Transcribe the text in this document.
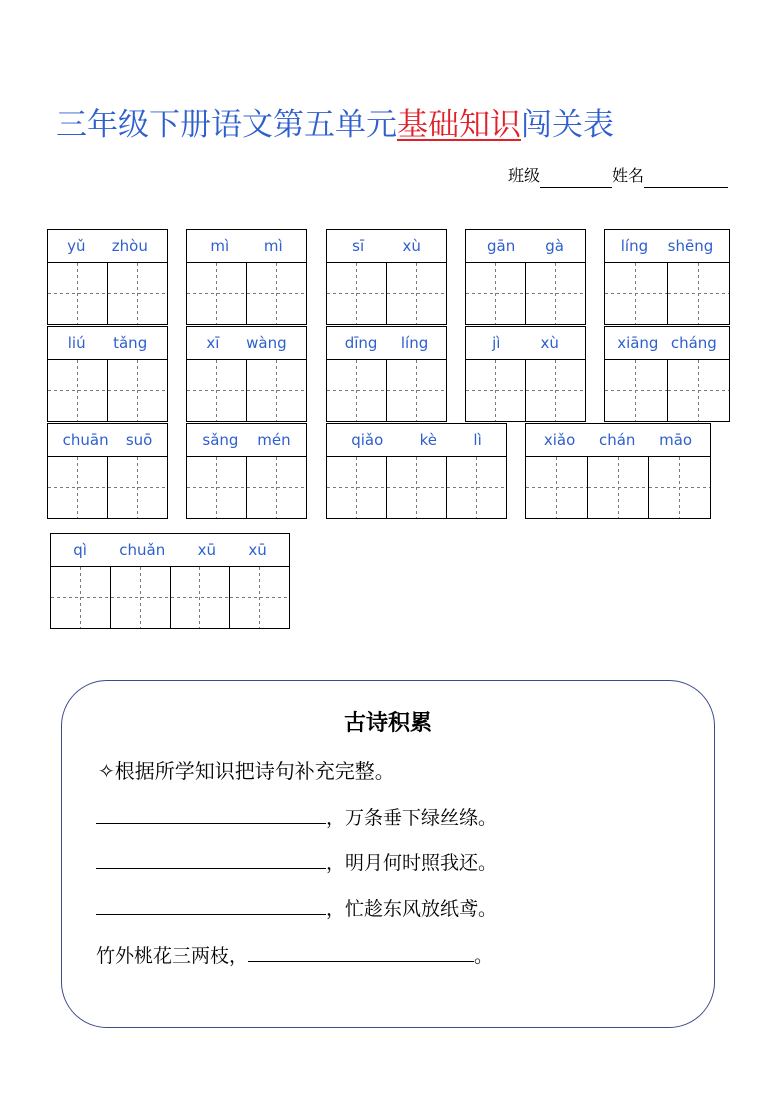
三年级下册语文第五单元基础知识闯关表
班级	姓名
yǔ zhòu	mì mì	sī	xù	gān gà	líng shēng
liú tǎng	xī wàng	dīng líng	jì	xù	xiāng cháng
chuān suō	sǎng mén	qiǎo kè lì	xiǎo chán māo
qì chuǎn xū xū
古诗积累
✧根据所学知识把诗句补充完整。
，万条垂下绿丝绦。
，明月何时照我还。
，忙趁东风放纸鸢。
竹外桃花三两枝，	。
